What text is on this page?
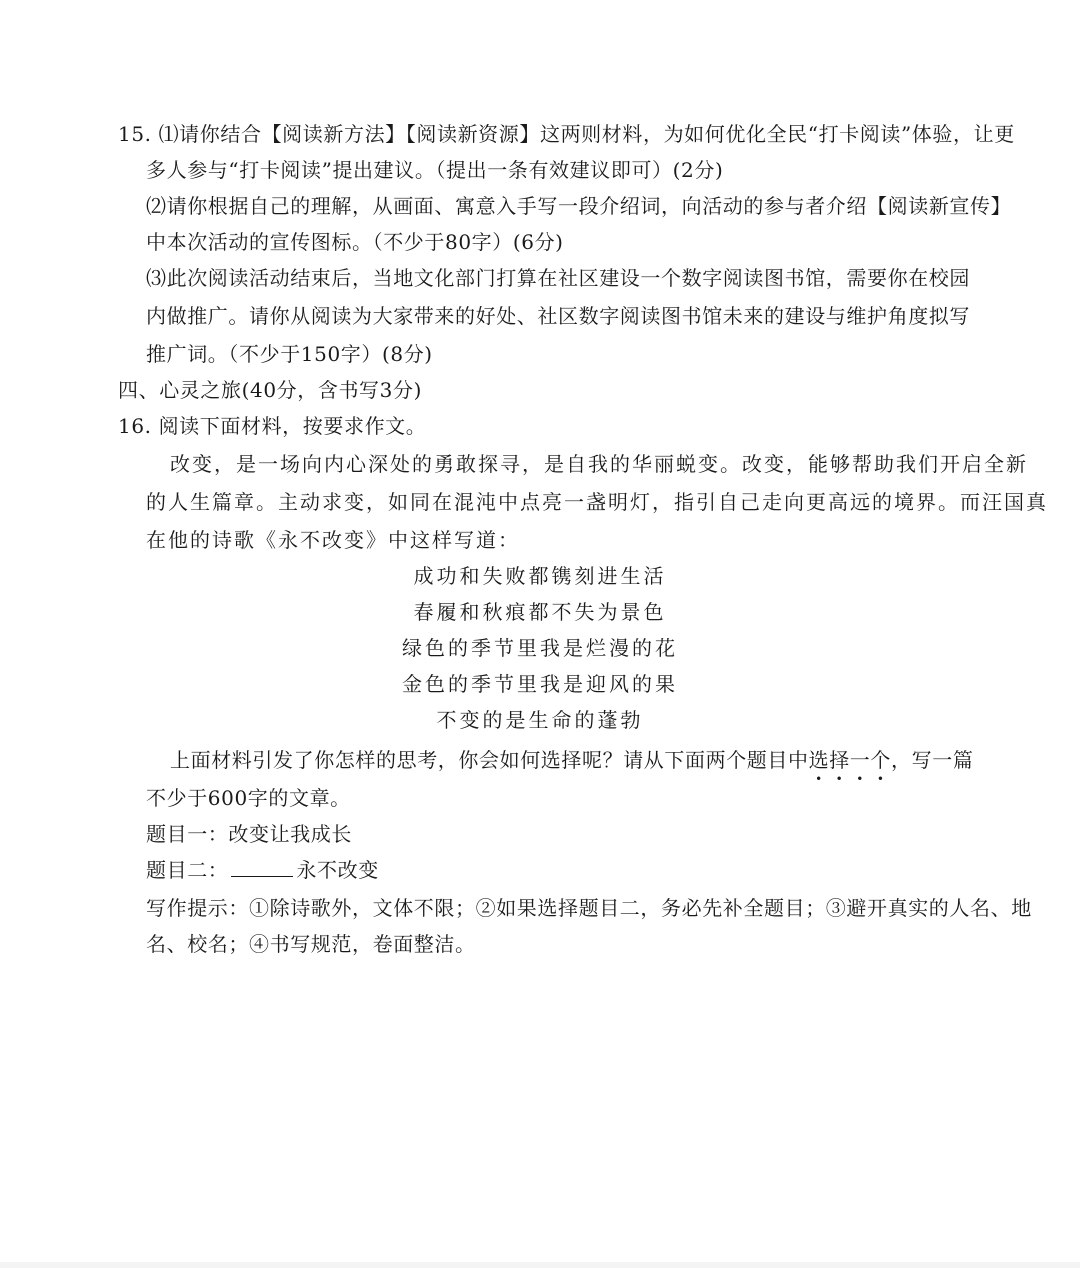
15. ⑴请你结合【阅读新方法】【阅读新资源】这两则材料，为如何优化全民“打卡阅读”体验，让更
多人参与“打卡阅读”提出建议。（提出一条有效建议即可）(2分)
⑵请你根据自己的理解，从画面、寓意入手写一段介绍词，向活动的参与者介绍【阅读新宣传】
中本次活动的宣传图标。（不少于80字）(6分)
⑶此次阅读活动结束后，当地文化部门打算在社区建设一个数字阅读图书馆，需要你在校园
内做推广。请你从阅读为大家带来的好处、社区数字阅读图书馆未来的建设与维护角度拟写
推广词。（不少于150字）(8分)
四、心灵之旅(40分，含书写3分)
16. 阅读下面材料，按要求作文。
改变，是一场向内心深处的勇敢探寻，是自我的华丽蜕变。改变，能够帮助我们开启全新
的人生篇章。主动求变，如同在混沌中点亮一盏明灯，指引自己走向更高远的境界。而汪国真
在他的诗歌《永不改变》中这样写道：
成功和失败都镌刻进生活
春履和秋痕都不失为景色
绿色的季节里我是烂漫的花
金色的季节里我是迎风的果
不变的是生命的蓬勃
上面材料引发了你怎样的思考，你会如何选择呢？请从下面两个题目中选择一个
• • • •
，写一篇
不少于600字的文章。
题目一：改变让我成长
题目二：	永不改变
写作提示：①除诗歌外，文体不限；②如果选择题目二，务必先补全题目；③避开真实的人名、地
名、校名；④书写规范，卷面整洁。
